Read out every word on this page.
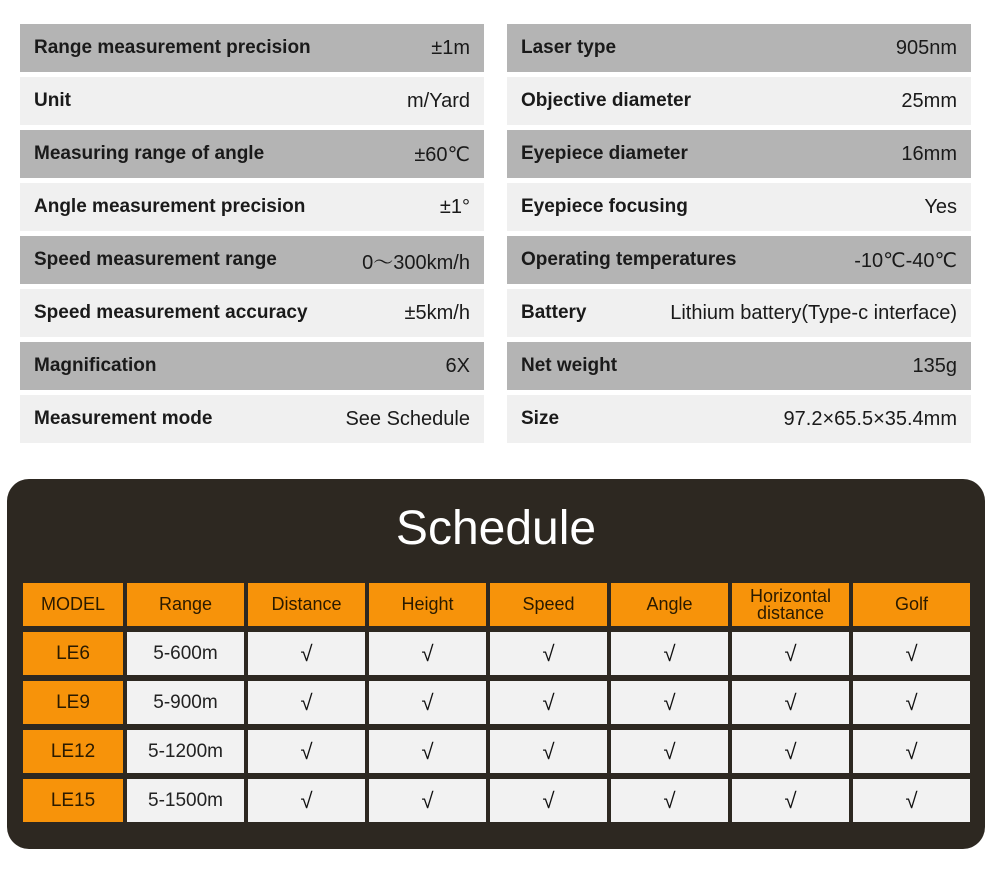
Range measurement precision	±1m
Unit	m/Yard
Measuring range of angle	±60℃
Angle measurement precision	±1°
Speed measurement range	0～300km/h
Speed measurement accuracy	±5km/h
Magnification	6X
Measurement mode	See Schedule
Laser type	905nm
Objective diameter	25mm
Eyepiece diameter	16mm
Eyepiece focusing	Yes
Operating temperatures	-10℃-40℃
Battery	Lithium battery(Type-c interface)
Net weight	135g
Size	97.2×65.5×35.4mm
Schedule
MODEL	Range	Distance	Height	Speed	Angle	Horizontal distance	Golf
LE6	5-600m	√	√	√	√	√	√
LE9	5-900m	√	√	√	√	√	√
LE12	5-1200m	√	√	√	√	√	√
LE15	5-1500m	√	√	√	√	√	√
